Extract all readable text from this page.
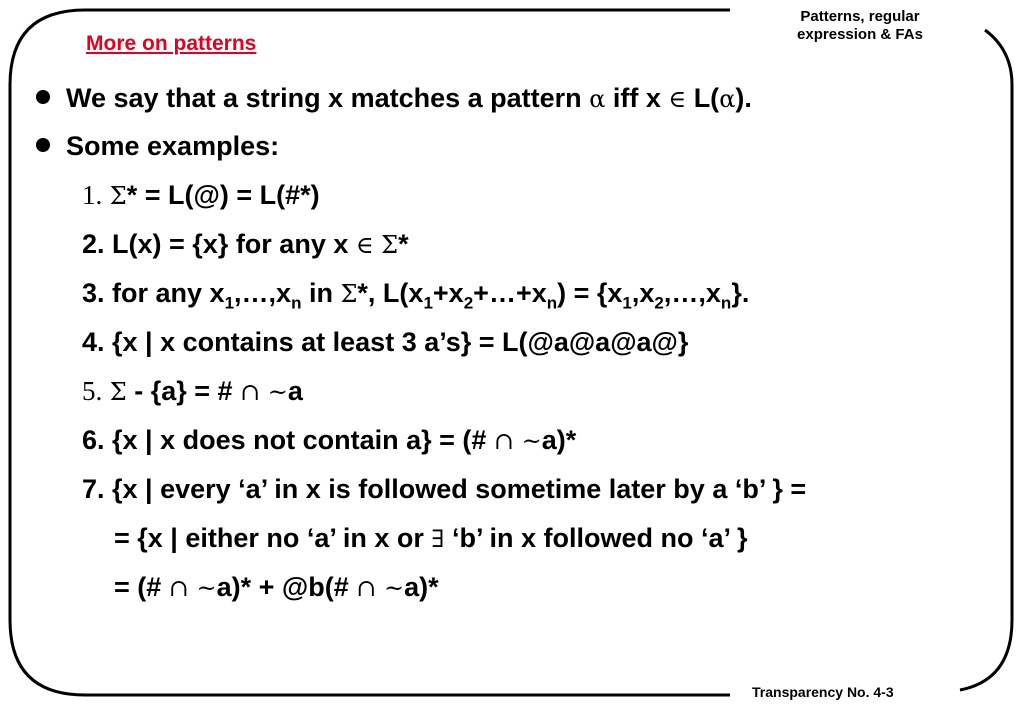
Patterns, regular
expression & FAs
More on patterns
We say that a string x matches a pattern α iff x ∈ L(α).
Some examples:
1. Σ* = L(@) = L(#*)
2. L(x) = {x} for any x ∈ Σ*
3. for any $x_1,\dots,x_n$ in Σ*, $L(x_1+x_2+\dots+x_n)$ = $\{x_1,x_2,\dots,x_n\}$.
4. {x | x contains at least 3 a’s} = L(@a@a@a@}
5. Σ - {a} = # ∩ ~a
6. {x | x does not contain a} = (# ∩ ~a)*
7. {x | every ‘a’ in x is followed sometime later by a ‘b’ } =
= {x | either no ‘a’ in x or ∃ ‘b’ in x followed no ‘a’ }
= (# ∩ ~a)* + @b(# ∩ ~a)*
Transparency No. 4-3
